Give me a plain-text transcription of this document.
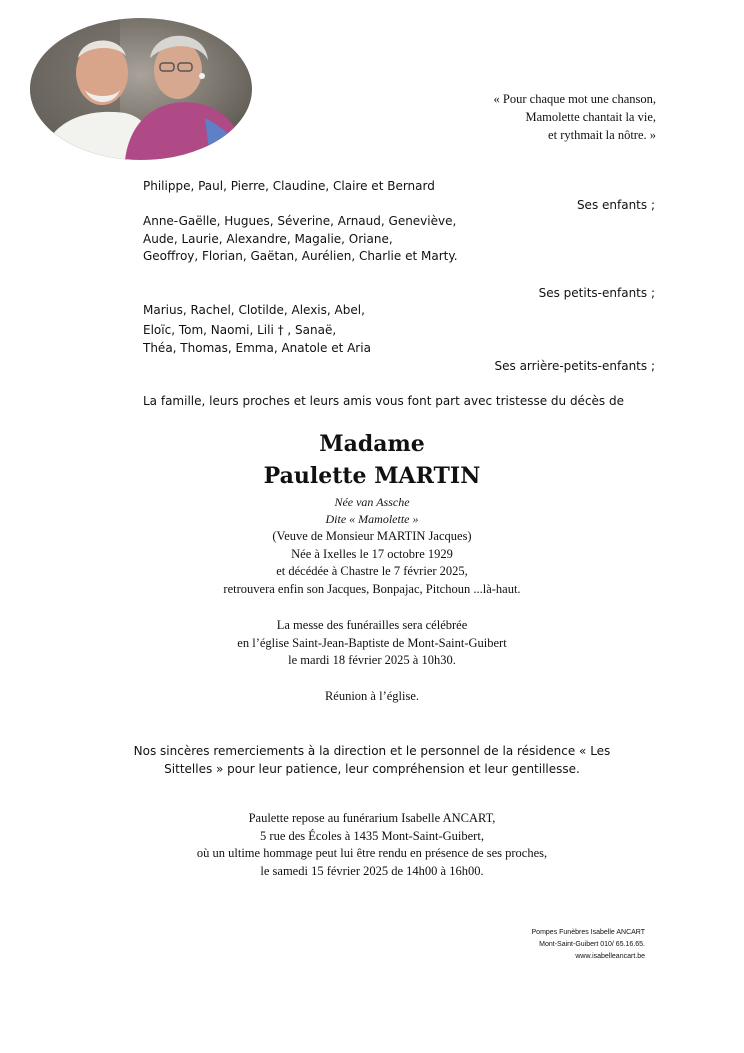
« Pour chaque mot une chanson,
Mamolette chantait la vie,
et rythmait la nôtre. »
Philippe, Paul, Pierre, Claudine, Claire et Bernard
Ses enfants ;
Anne-Gaëlle, Hugues, Séverine, Arnaud, Geneviève,
Aude, Laurie, Alexandre, Magalie, Oriane,
Geoffroy, Florian, Gaëtan, Aurélien, Charlie et Marty.
Ses petits-enfants ;
Marius, Rachel, Clotilde, Alexis, Abel,
Eloïc, Tom, Naomi, Lili † , Sanaë,
Théa, Thomas, Emma, Anatole et Aria
Ses arrière-petits-enfants ;
La famille, leurs proches et leurs amis vous font part avec tristesse du décès de
Madame
Paulette MARTIN
Née van Assche
Dite « Mamolette »
(Veuve de Monsieur MARTIN Jacques)
Née à Ixelles le 17 octobre 1929
et décédée à Chastre le 7 février 2025,
retrouvera enfin son Jacques, Bonpajac, Pitchoun ...là-haut.
La messe des funérailles sera célébrée
en l’église Saint-Jean-Baptiste de Mont-Saint-Guibert
le mardi 18 février 2025 à 10h30.
Réunion à l’église.
Nos sincères remerciements à la direction et le personnel de la résidence « Les
Sittelles » pour leur patience, leur compréhension et leur gentillesse.
Paulette repose au funérarium Isabelle ANCART,
5 rue des Écoles à 1435 Mont-Saint-Guibert,
où un ultime hommage peut lui être rendu en présence de ses proches,
le samedi 15 février 2025 de 14h00 à 16h00.
Pompes Funèbres Isabelle ANCART
Mont-Saint-Guibert 010/ 65.16.65.
www.isabelleancart.be
